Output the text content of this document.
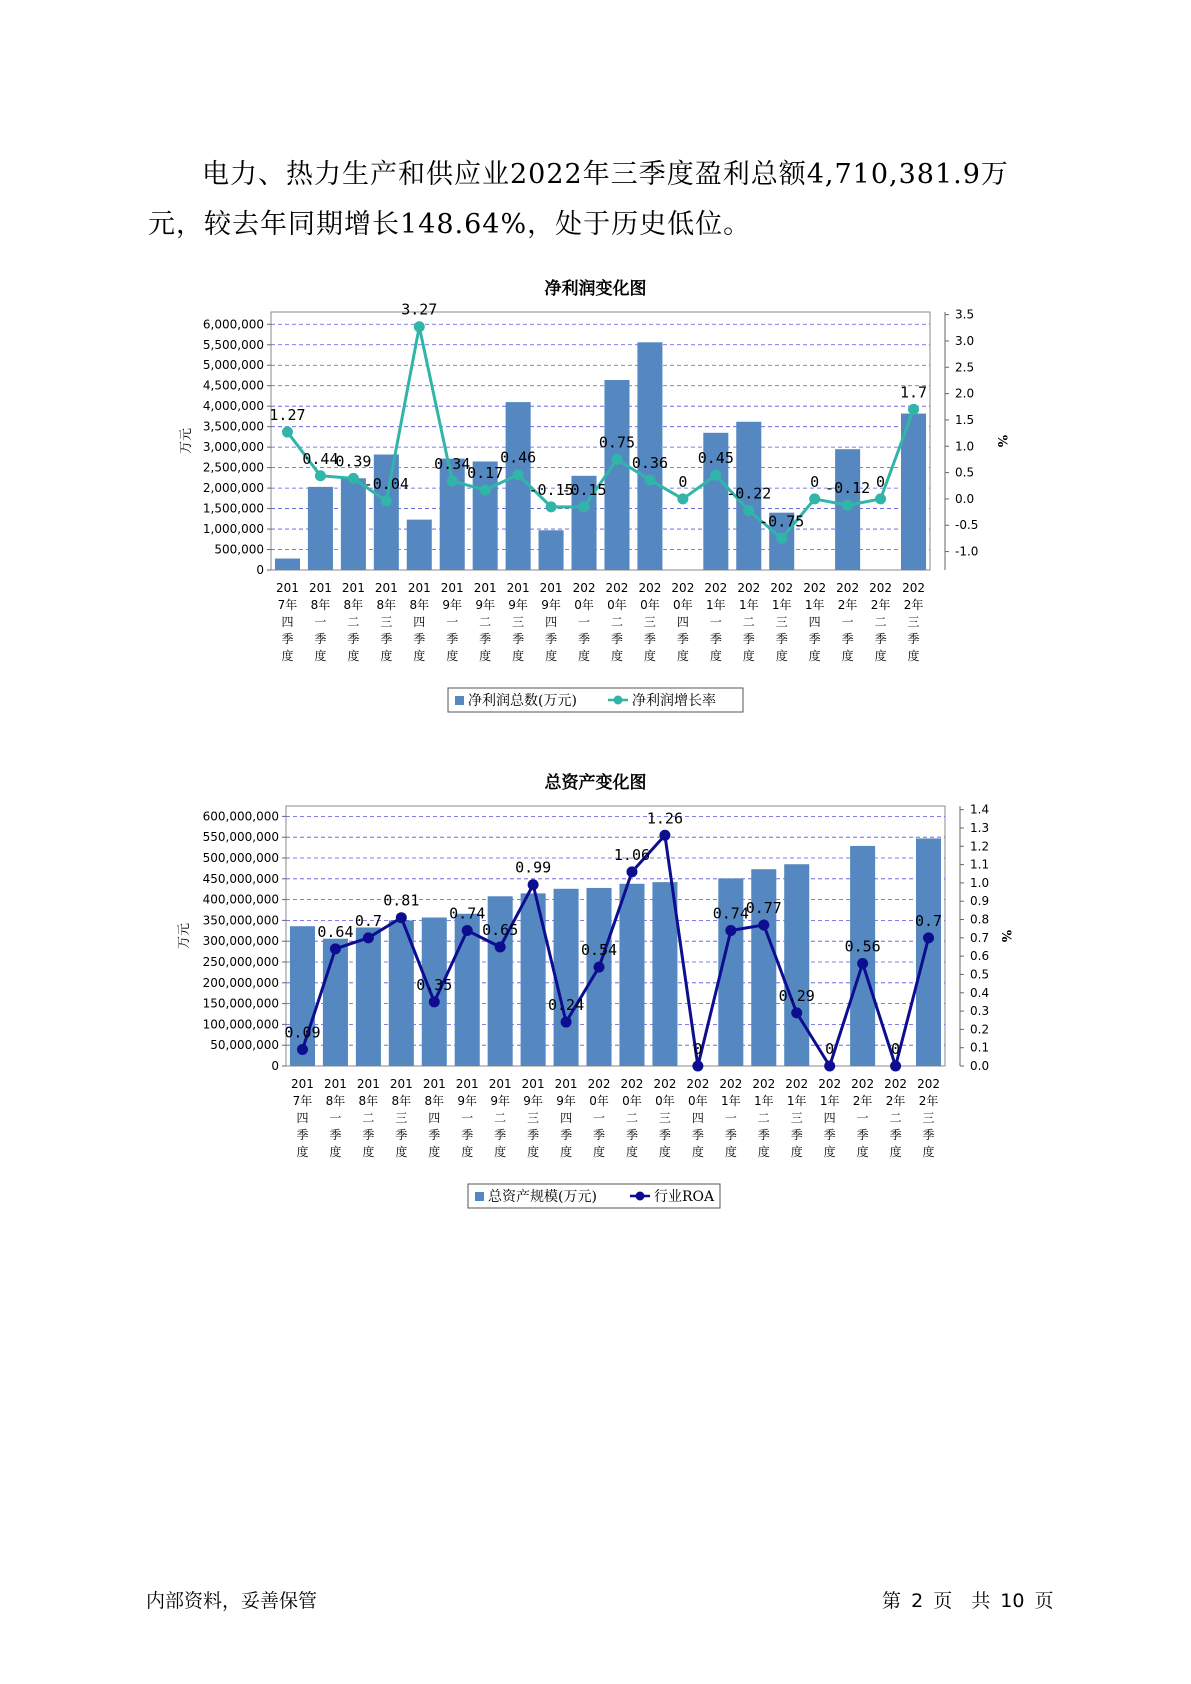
电力、热力生产和供应业2022年三季度盈利总额4,710,381.9万元，较去年同期增长148.64%，处于历史低位。

净利润变化图
0
500,000
1,000,000
1,500,000
2,000,000
2,500,000
3,000,000
3,500,000
4,000,000
4,500,000
5,000,000
5,500,000
6,000,000
-1.0
-0.5
0.0
0.5
1.0
1.5
2.0
2.5
3.0
3.5
万元	%
201 7年四季度
201 8年一季度
201 8年二季度
201 8年三季度
201 8年四季度
201 9年一季度
201 9年二季度
201 9年三季度
201 9年四季度
202 0年一季度
202 0年二季度
202 0年三季度
202 0年四季度
202 1年一季度
202 1年二季度
202 1年三季度
202 1年四季度
202 2年一季度
202 2年二季度
202 2年三季度
1.27
0.44
0.39
-0.04
3.27
0.34
0.17
0.46
-0.15
-0.15
0.75
0.36
0
0.45
-0.22
-0.75
0 -0.12 0
1.7
净利润总数(万元)	净利润增长率
总资产变化图
0
50,000,000
100,000,000
150,000,000
200,000,000
250,000,000
300,000,000
350,000,000
400,000,000
450,000,000
500,000,000
550,000,000
600,000,000
0.0
0.1
0.2
0.3
0.4
0.5
0.6
0.7
0.8
0.9
1.0
1.1
1.2
1.3
1.4
万元	%
201 7年四季度
201 8年一季度
201 8年二季度
201 8年三季度
201 8年四季度
201 9年一季度
201 9年二季度
201 9年三季度
201 9年四季度
202 0年一季度
202 0年二季度
202 0年三季度
202 0年四季度
202 1年一季度
202 1年二季度
202 1年三季度
202 1年四季度
202 2年一季度
202 2年二季度
202 2年三季度
0.09
0.64
0.7
0.81
0.35
0.74
0.65
0.99
0.24
0.54
1.06
1.26
0
0.74
0.77
0.29
0
0.56
0
0.7
总资产规模(万元)	行业ROA
内部资料，妥善保管	第 2 页　共 10 页
